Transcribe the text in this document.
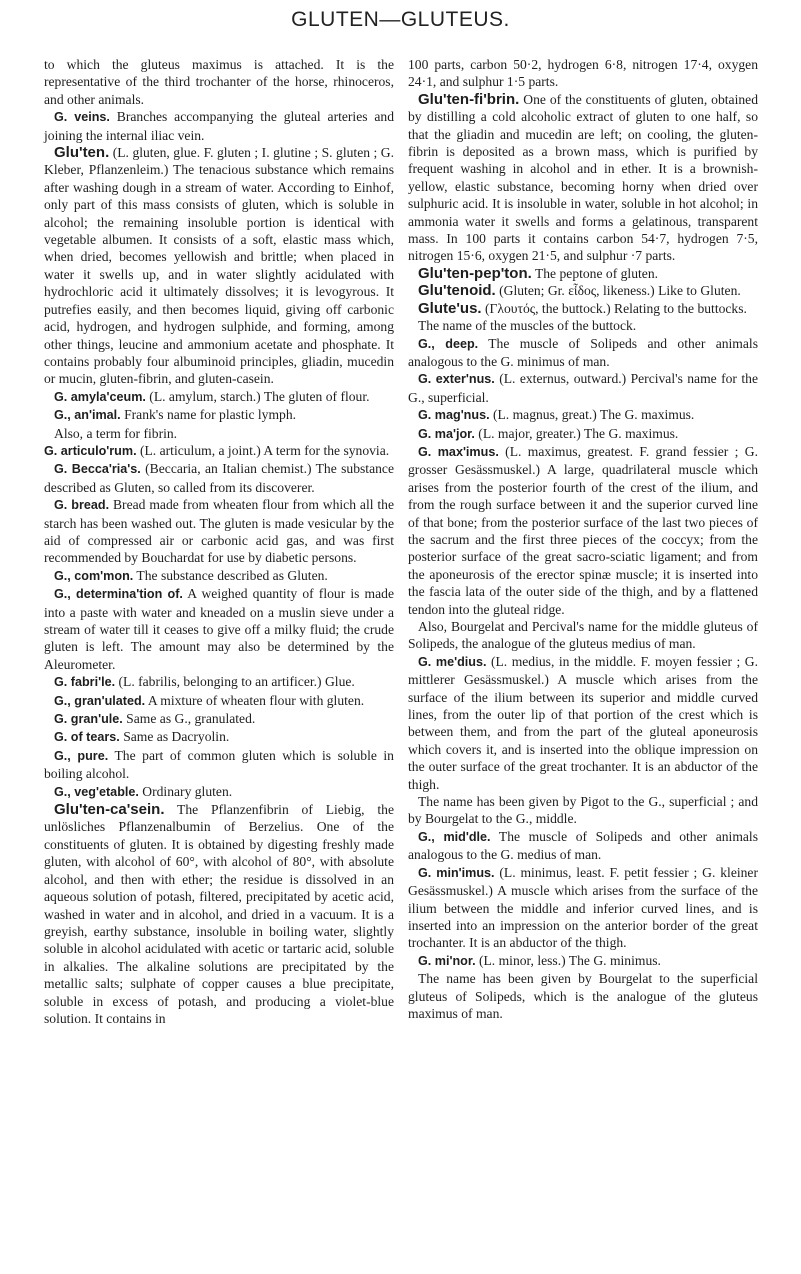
GLUTEN—GLUTEUS.

to which the gluteus maximus is attached. It is the representative of the third trochanter of the horse, rhinoceros, and other animals.

G. veins. Branches accompanying the gluteal arteries and joining the internal iliac vein.

Glu'ten. (L. gluten, glue. F. gluten ; I. glutine ; S. gluten ; G. Kleber, Pflanzenleim.) The tenacious substance which remains after washing dough in a stream of water. According to Einhof, only part of this mass consists of gluten, which is soluble in alcohol; the remaining insoluble portion is identical with vegetable albumen. It consists of a soft, elastic mass which, when dried, becomes yellowish and brittle; when placed in water it swells up, and in water slightly acidulated with hydrochloric acid it ultimately dissolves; it is levogyrous. It putrefies easily, and then becomes liquid, giving off carbonic acid, hydrogen, and hydrogen sulphide, and forming, among other things, leucine and ammonium acetate and phosphate. It contains probably four albuminoid principles, gliadin, mucedin or mucin, gluten-fibrin, and gluten-casein.

G. amyla'ceum. (L. amylum, starch.) The gluten of flour.

G., an'imal. Frank's name for plastic lymph.

Also, a term for fibrin.

G. articulo'rum. (L. articulum, a joint.) A term for the synovia.

G. Becca'ria's. (Beccaria, an Italian chemist.) The substance described as Gluten, so called from its discoverer.

G. bread. Bread made from wheaten flour from which all the starch has been washed out. The gluten is made vesicular by the aid of compressed air or carbonic acid gas, and was first recommended by Bouchardat for use by diabetic persons.

G., com'mon. The substance described as Gluten.

G., determina'tion of. A weighed quantity of flour is made into a paste with water and kneaded on a muslin sieve under a stream of water till it ceases to give off a milky fluid; the crude gluten is left. The amount may also be determined by the Aleurometer.

G. fabri'le. (L. fabrilis, belonging to an artificer.) Glue.

G., gran'ulated. A mixture of wheaten flour with gluten.

G. gran'ule. Same as G., granulated.

G. of tears. Same as Dacryolin.

G., pure. The part of common gluten which is soluble in boiling alcohol.

G., veg'etable. Ordinary gluten.

Glu'ten-ca'sein. The Pflanzenfibrin of Liebig, the unlösliches Pflanzenalbumin of Berzelius. One of the constituents of gluten. It is obtained by digesting freshly made gluten, with alcohol of 60°, with alcohol of 80°, with absolute alcohol, and then with ether; the residue is dissolved in an aqueous solution of potash, filtered, precipitated by acetic acid, washed in water and in alcohol, and dried in a vacuum. It is a greyish, earthy substance, insoluble in boiling water, slightly soluble in alcohol acidulated with acetic or tartaric acid, soluble in alkalies. The alkaline solutions are precipitated by the metallic salts; sulphate of copper causes a blue precipitate, soluble in excess of potash, and producing a violet-blue solution. It contains in

100 parts, carbon 50·2, hydrogen 6·8, nitrogen 17·4, oxygen 24·1, and sulphur 1·5 parts.

Glu'ten-fi'brin. One of the constituents of gluten, obtained by distilling a cold alcoholic extract of gluten to one half, so that the gliadin and mucedin are left; on cooling, the gluten-fibrin is deposited as a brown mass, which is purified by frequent washing in alcohol and in ether. It is a brownish-yellow, elastic substance, becoming horny when dried over sulphuric acid. It is insoluble in water, soluble in hot alcohol; in ammonia water it swells and forms a gelatinous, transparent mass. In 100 parts it contains carbon 54·7, hydrogen 7·5, nitrogen 15·6, oxygen 21·5, and sulphur ·7 parts.

Glu'ten-pep'ton. The peptone of gluten.

Glu'tenoid. (Gluten; Gr. εἶδος, likeness.) Like to Gluten.

Glute'us. (Γλουτός, the buttock.) Relating to the buttocks.

The name of the muscles of the buttock.

G., deep. The muscle of Solipeds and other animals analogous to the G. minimus of man.

G. exter'nus. (L. externus, outward.) Percival's name for the G., superficial.

G. mag'nus. (L. magnus, great.) The G. maximus.

G. ma'jor. (L. major, greater.) The G. maximus.

G. max'imus. (L. maximus, greatest. F. grand fessier ; G. grosser Gesässmuskel.) A large, quadrilateral muscle which arises from the posterior fourth of the crest of the ilium, and from the rough surface between it and the superior curved line of that bone; from the posterior surface of the last two pieces of the sacrum and the first three pieces of the coccyx; from the posterior surface of the great sacro-sciatic ligament; and from the aponeurosis of the erector spinæ muscle; it is inserted into the fascia lata of the outer side of the thigh, and by a flattened tendon into the gluteal ridge.

Also, Bourgelat and Percival's name for the middle gluteus of Solipeds, the analogue of the gluteus medius of man.

G. me'dius. (L. medius, in the middle. F. moyen fessier ; G. mittlerer Gesässmuskel.) A muscle which arises from the surface of the ilium between its superior and middle curved lines, from the outer lip of that portion of the crest which is between them, and from the part of the gluteal aponeurosis which covers it, and is inserted into the oblique impression on the outer surface of the great trochanter. It is an abductor of the thigh.

The name has been given by Pigot to the G., superficial ; and by Bourgelat to the G., middle.

G., mid'dle. The muscle of Solipeds and other animals analogous to the G. medius of man.

G. min'imus. (L. minimus, least. F. petit fessier ; G. kleiner Gesässmuskel.) A muscle which arises from the surface of the ilium between the middle and inferior curved lines, and is inserted into an impression on the anterior border of the great trochanter. It is an abductor of the thigh.

G. mi'nor. (L. minor, less.) The G. minimus.

The name has been given by Bourgelat to the superficial gluteus of Solipeds, which is the analogue of the gluteus maximus of man.
